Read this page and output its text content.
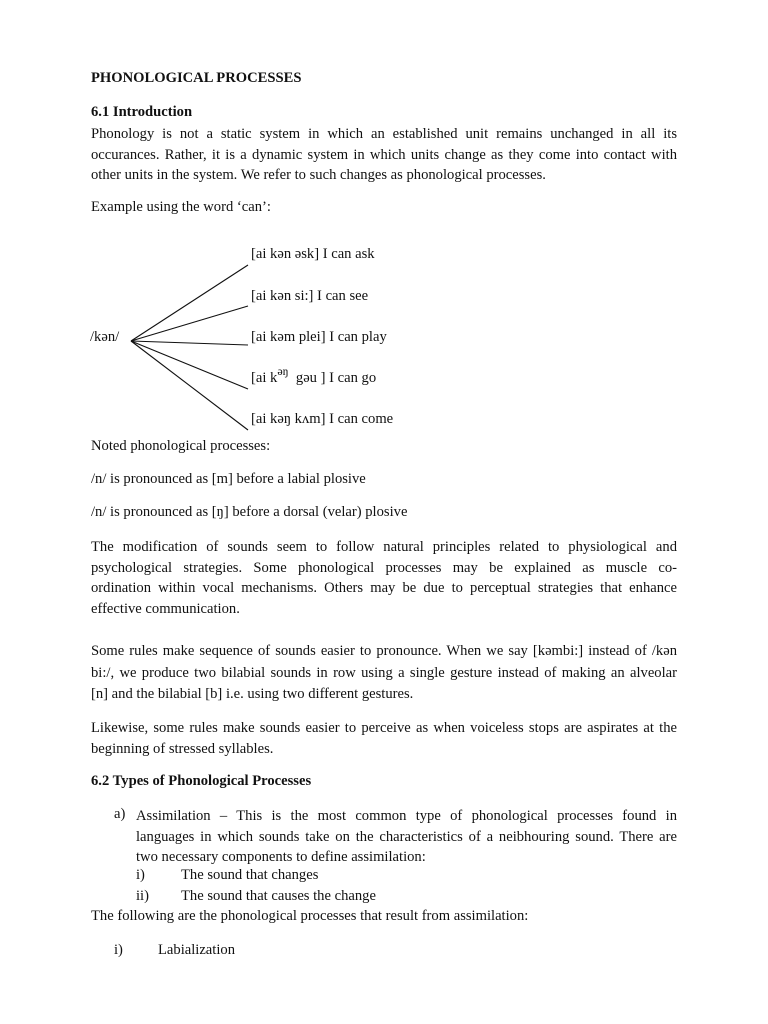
PHONOLOGICAL PROCESSES
6.1 Introduction
Phonology is not a static system in which an established unit remains unchanged in all its
occurances. Rather, it is a dynamic system in which units change as they come into contact with
other units in the system. We refer to such changes as phonological processes.
Example using the word ‘can’:
/kǝn/
[ai kǝn ǝsk] I can ask
[ai kǝn si:] I can see
[ai kǝm plei] I can play
[ai $k^{ǝŋ}$ gǝu ] I can go
[ai kǝŋ kʌm] I can come
Noted phonological processes:
/n/ is pronounced as [m] before a labial plosive
/n/ is pronounced as [ŋ] before a dorsal (velar) plosive
The modification of sounds seem to follow natural principles related to physiological and
psychological strategies. Some phonological processes may be explained as muscle co-
ordination within vocal mechanisms. Others may be due to perceptual strategies that enhance
effective communication.
Some rules make sequence of sounds easier to pronounce. When we say [kǝmbi:] instead of /kǝn
bi:/, we produce two bilabial sounds in row using a single gesture instead of making an alveolar
[n] and the bilabial [b] i.e. using two different gestures.
Likewise, some rules make sounds easier to perceive as when voiceless stops are aspirates at the
beginning of stressed syllables.
6.2 Types of Phonological Processes
a) Assimilation – This is the most common type of phonological processes found in
languages in which sounds take on the characteristics of a neibhouring sound. There are
two necessary components to define assimilation:
i) The sound that changes
ii) The sound that causes the change
The following are the phonological processes that result from assimilation:
i) Labialization
